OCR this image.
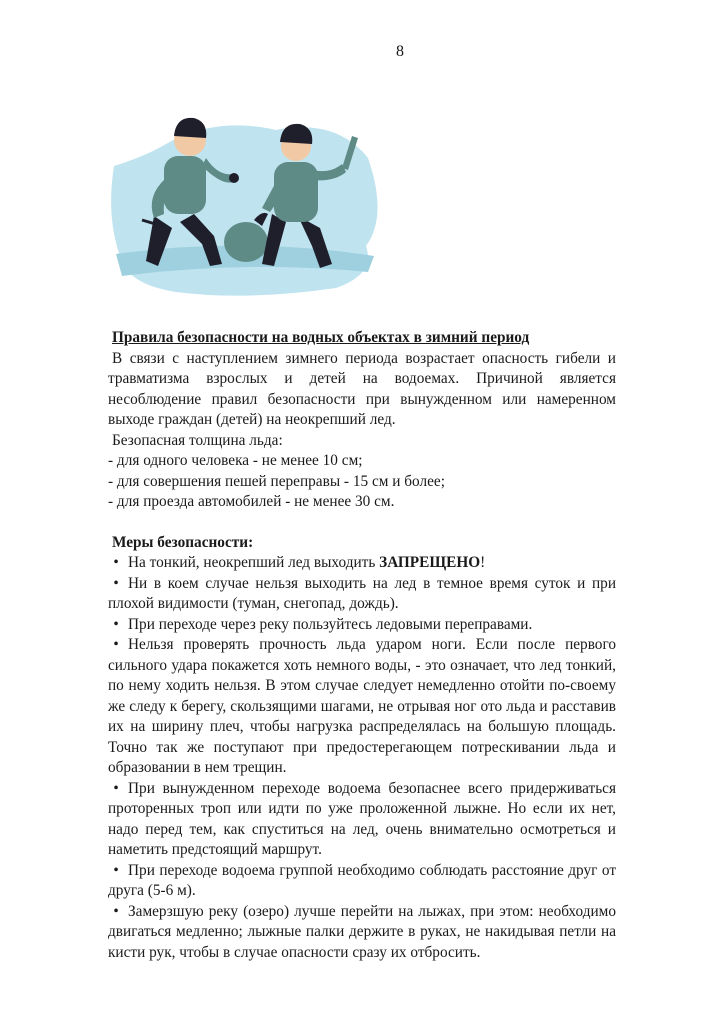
8
Правила безопасности на водных объектах в зимний период

В связи с наступлением зимнего периода возрастает опасность гибели и травматизма взрослых и детей на водоемах. Причиной является несоблюдение правил безопасности при вынужденном или намеренном выходе граждан (детей) на неокрепший лед.

Безопасная толщина льда:

- для одного человека - не менее 10 см;

- для совершения пешей переправы - 15 см и более;

- для проезда автомобилей - не менее 30 см.

Меры безопасности:
• На тонкий, неокрепший лед выходить ЗАПРЕЩЕНО!
• Ни в коем случае нельзя выходить на лед в темное время суток и при плохой видимости (туман, снегопад, дождь).
• При переходе через реку пользуйтесь ледовыми переправами.
• Нельзя проверять прочность льда ударом ноги. Если после первого сильного удара покажется хоть немного воды, - это означает, что лед тонкий, по нему ходить нельзя. В этом случае следует немедленно отойти по-своему же следу к берегу, скользящими шагами, не отрывая ног ото льда и расставив их на ширину плеч, чтобы нагрузка распределялась на большую площадь. Точно так же поступают при предостерегающем потрескивании льда и образовании в нем трещин.
• При вынужденном переходе водоема безопаснее всего придерживаться проторенных троп или идти по уже проложенной лыжне. Но если их нет, надо перед тем, как спуститься на лед, очень внимательно осмотреться и наметить предстоящий маршрут.
• При переходе водоема группой необходимо соблюдать расстояние друг от друга (5-6 м).
• Замерзшую реку (озеро) лучше перейти на лыжах, при этом: необходимо двигаться медленно; лыжные палки держите в руках, не накидывая петли на кисти рук, чтобы в случае опасности сразу их отбросить.
